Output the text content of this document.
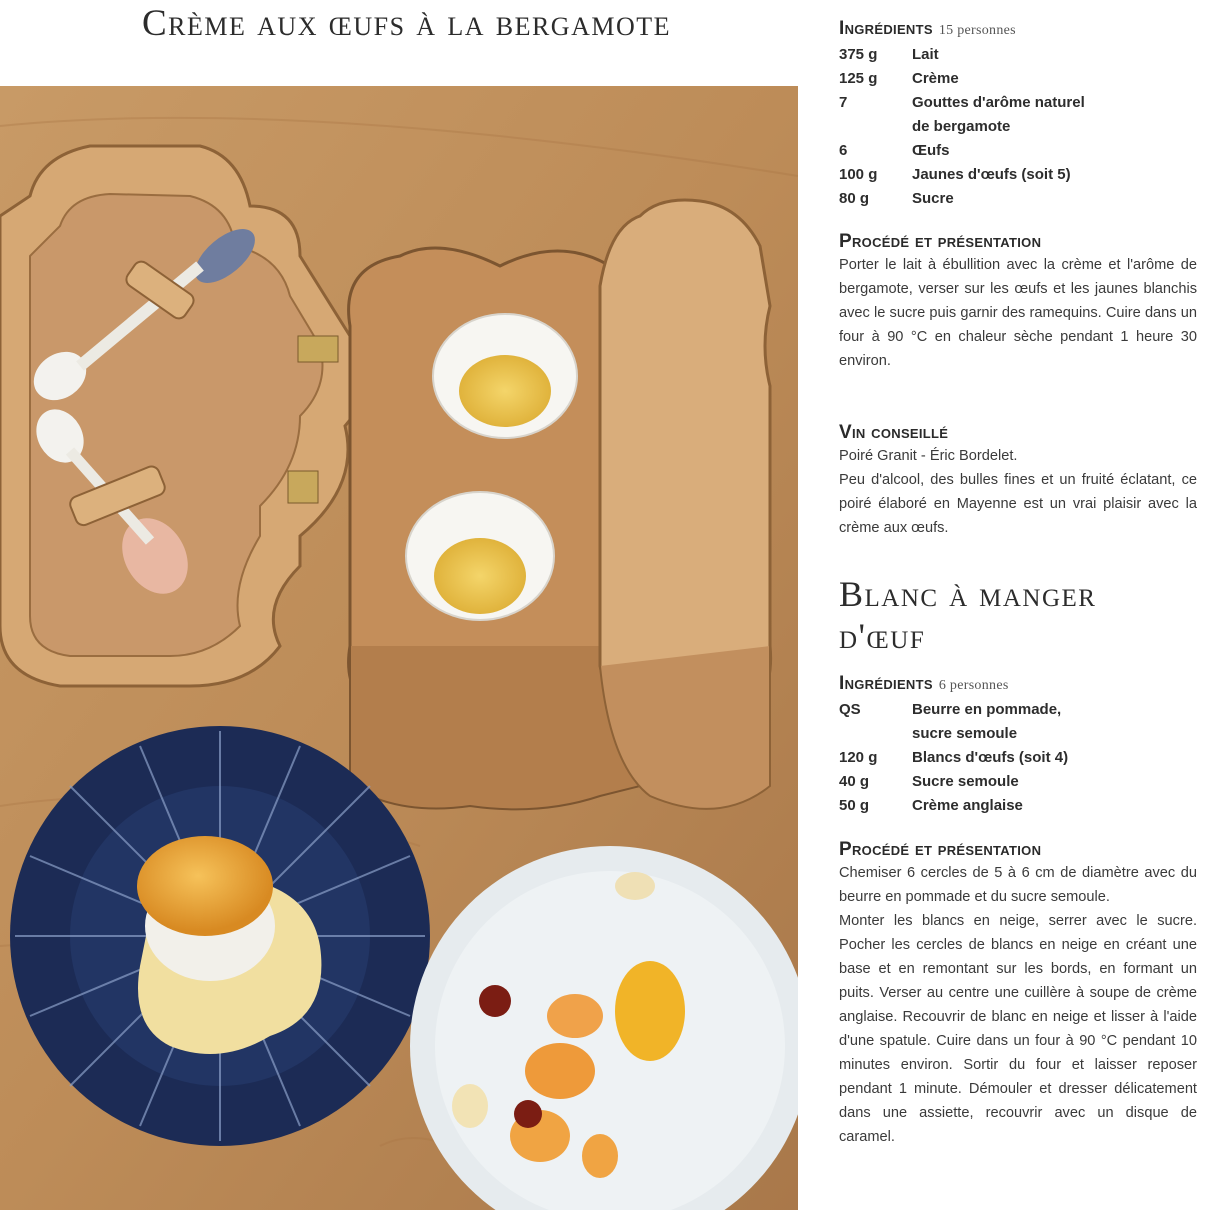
Crème aux œufs à la bergamote	Ingrédients 15 personnes

375 g	Lait
125 g	Crème
7	Gouttes d'arôme naturel
	de bergamote
6	Œufs
100 g	Jaunes d'œufs (soit 5)
80 g	Sucre

Procédé et présentation

Porter le lait à ébullition avec la crème et l'arôme de bergamote, verser sur les œufs et les jaunes blanchis avec le sucre puis garnir des ramequins. Cuire dans un four à 90 °C en chaleur sèche pendant 1 heure 30 environ.

Vin conseillé

Poiré Granit - Éric Bordelet.

Peu d'alcool, des bulles fines et un fruité éclatant, ce poiré élaboré en Mayenne est un vrai plaisir avec la crème aux œufs.

Blanc à manger

d'œuf

Ingrédients 6 personnes

QS	Beurre en pommade,
	sucre semoule
120 g	Blancs d'œufs (soit 4)
40 g	Sucre semoule
50 g	Crème anglaise

Procédé et présentation

Chemiser 6 cercles de 5 à 6 cm de diamètre avec du beurre en pommade et du sucre semoule.

Monter les blancs en neige, serrer avec le sucre. Pocher les cercles de blancs en neige en créant une base et en remontant sur les bords, en formant un puits. Verser au centre une cuillère à soupe de crème anglaise. Recouvrir de blanc en neige et lisser à l'aide d'une spatule. Cuire dans un four à 90 °C pendant 10 minutes environ. Sortir du four et laisser reposer pendant 1 minute. Démouler et dresser délicatement dans une assiette, recouvrir avec un disque de caramel.
